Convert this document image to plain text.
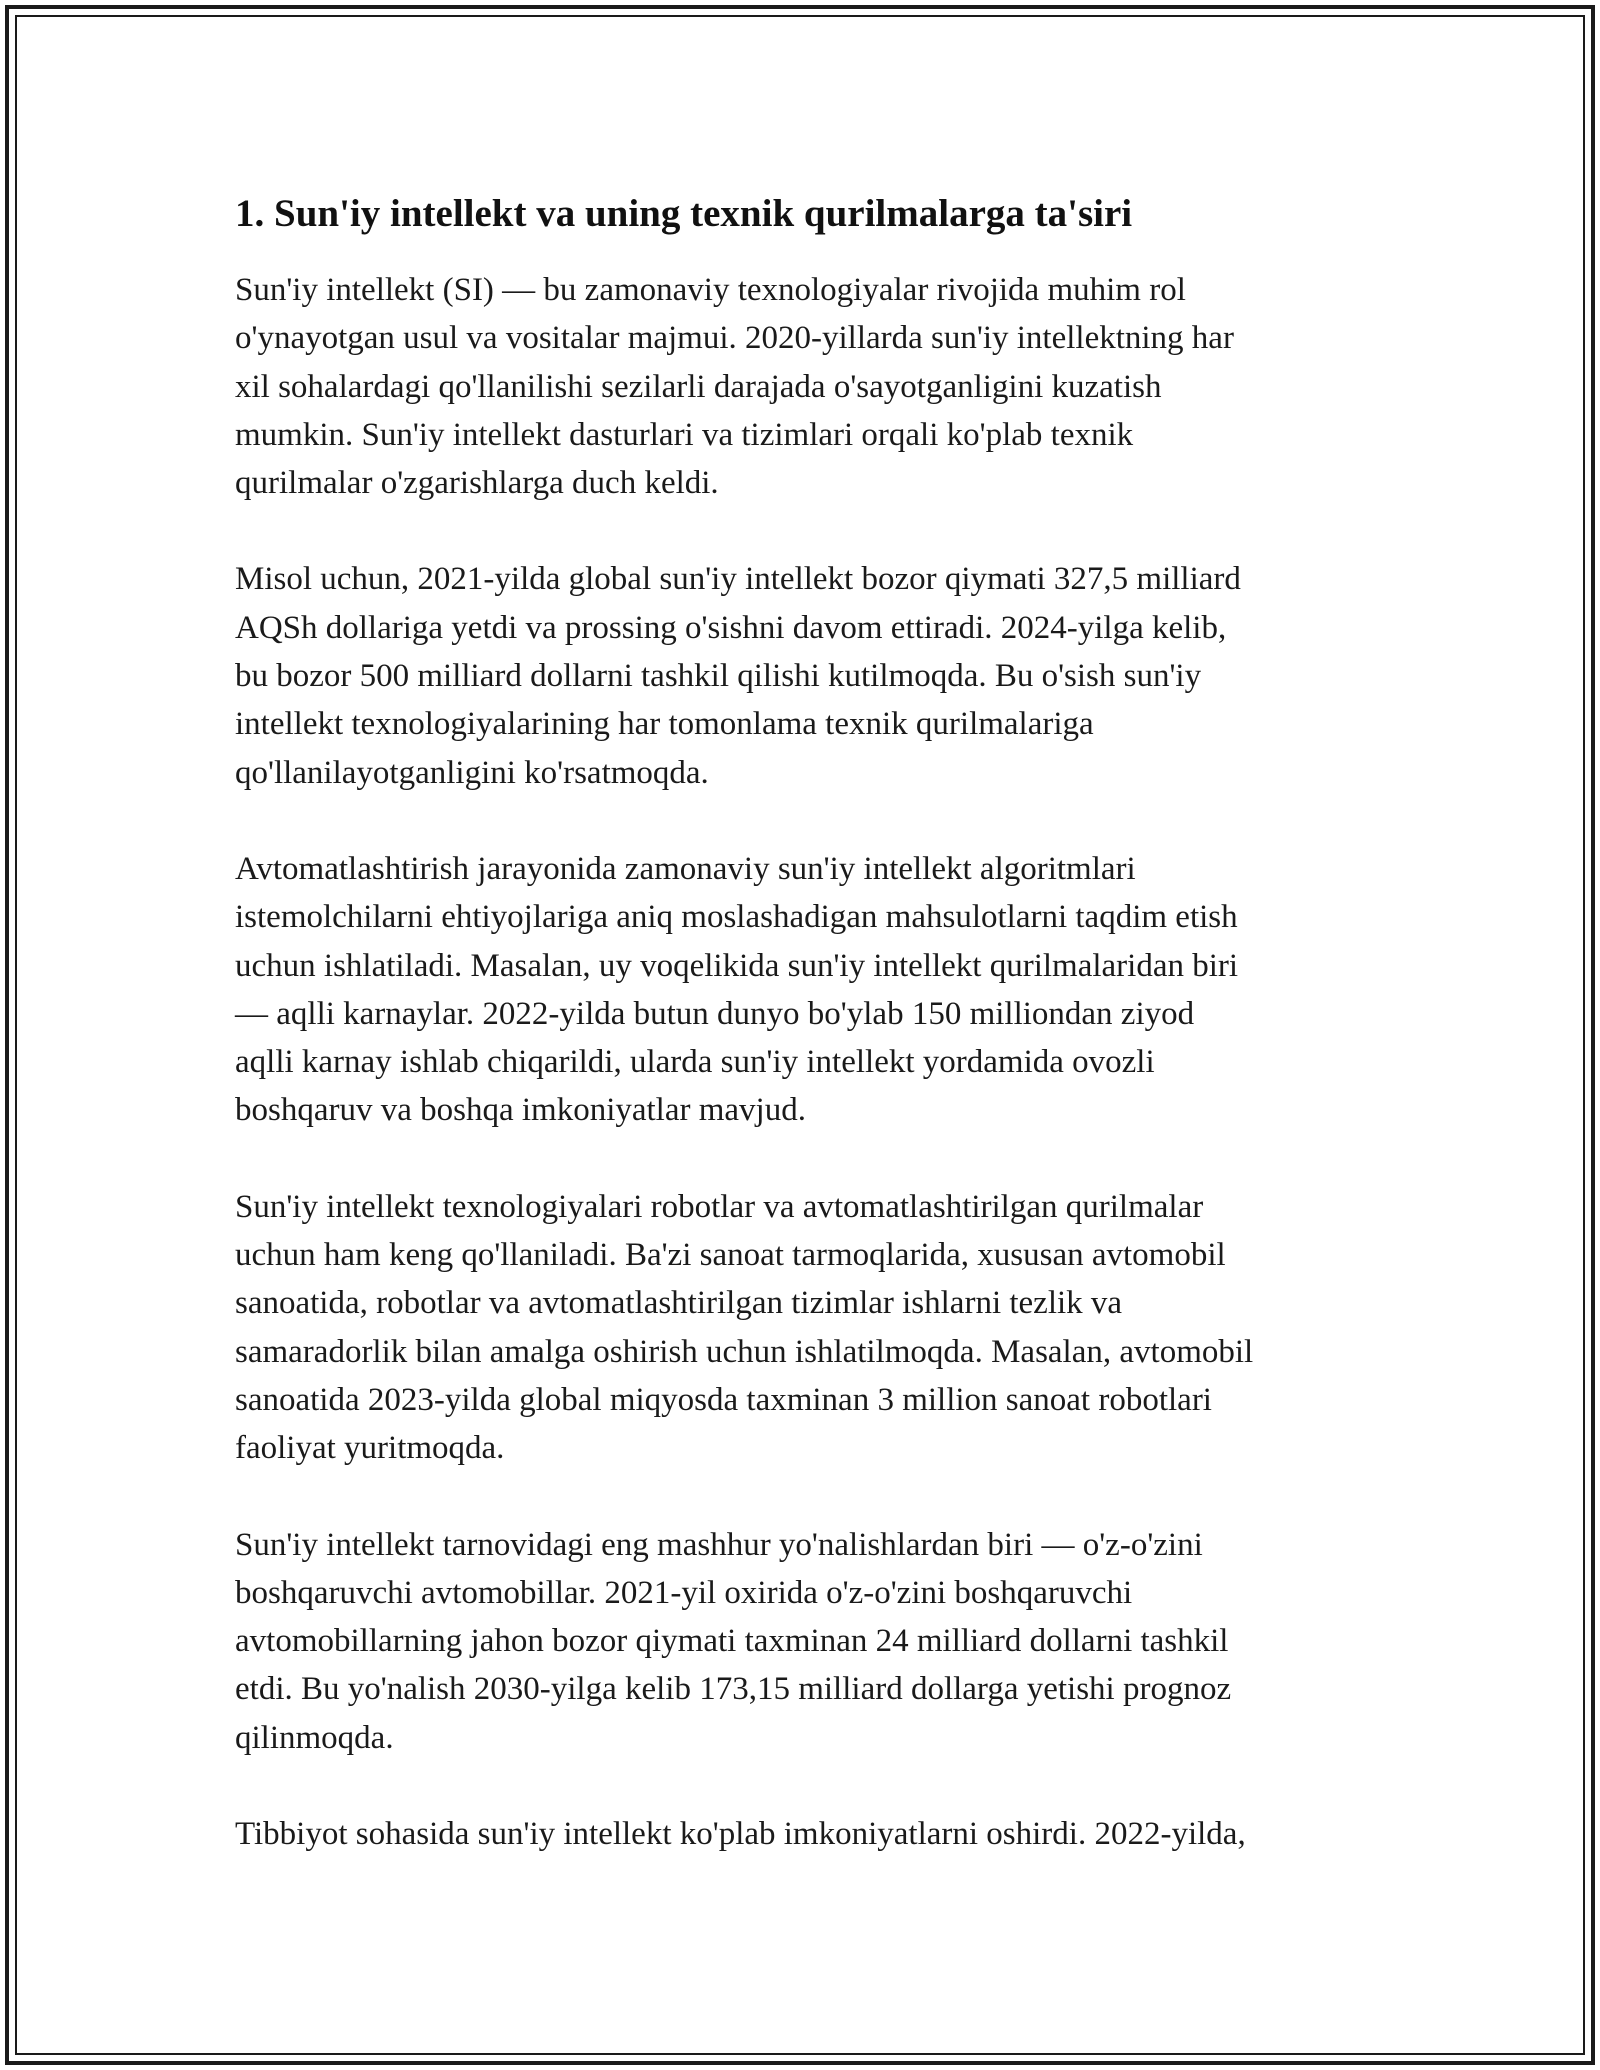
1. Sun'iy intellekt va uning texnik qurilmalarga ta'siri

Sun'iy intellekt (SI) — bu zamonaviy texnologiyalar rivojida muhim rol
o'ynayotgan usul va vositalar majmui. 2020-yillarda sun'iy intellektning har
xil sohalardagi qo'llanilishi sezilarli darajada o'sayotganligini kuzatish
mumkin. Sun'iy intellekt dasturlari va tizimlari orqali ko'plab texnik
qurilmalar o'zgarishlarga duch keldi.

Misol uchun, 2021-yilda global sun'iy intellekt bozor qiymati 327,5 milliard
AQSh dollariga yetdi va prossing o'sishni davom ettiradi. 2024-yilga kelib,
bu bozor 500 milliard dollarni tashkil qilishi kutilmoqda. Bu o'sish sun'iy
intellekt texnologiyalarining har tomonlama texnik qurilmalariga
qo'llanilayotganligini ko'rsatmoqda.

Avtomatlashtirish jarayonida zamonaviy sun'iy intellekt algoritmlari
istemolchilarni ehtiyojlariga aniq moslashadigan mahsulotlarni taqdim etish
uchun ishlatiladi. Masalan, uy voqelikida sun'iy intellekt qurilmalaridan biri
— aqlli karnaylar. 2022-yilda butun dunyo bo'ylab 150 milliondan ziyod
aqlli karnay ishlab chiqarildi, ularda sun'iy intellekt yordamida ovozli
boshqaruv va boshqa imkoniyatlar mavjud.

Sun'iy intellekt texnologiyalari robotlar va avtomatlashtirilgan qurilmalar
uchun ham keng qo'llaniladi. Ba'zi sanoat tarmoqlarida, xususan avtomobil
sanoatida, robotlar va avtomatlashtirilgan tizimlar ishlarni tezlik va
samaradorlik bilan amalga oshirish uchun ishlatilmoqda. Masalan, avtomobil
sanoatida 2023-yilda global miqyosda taxminan 3 million sanoat robotlari
faoliyat yuritmoqda.

Sun'iy intellekt tarnovidagi eng mashhur yo'nalishlardan biri — o'z-o'zini
boshqaruvchi avtomobillar. 2021-yil oxirida o'z-o'zini boshqaruvchi
avtomobillarning jahon bozor qiymati taxminan 24 milliard dollarni tashkil
etdi. Bu yo'nalish 2030-yilga kelib 173,15 milliard dollarga yetishi prognoz
qilinmoqda.

Tibbiyot sohasida sun'iy intellekt ko'plab imkoniyatlarni oshirdi. 2022-yilda,
